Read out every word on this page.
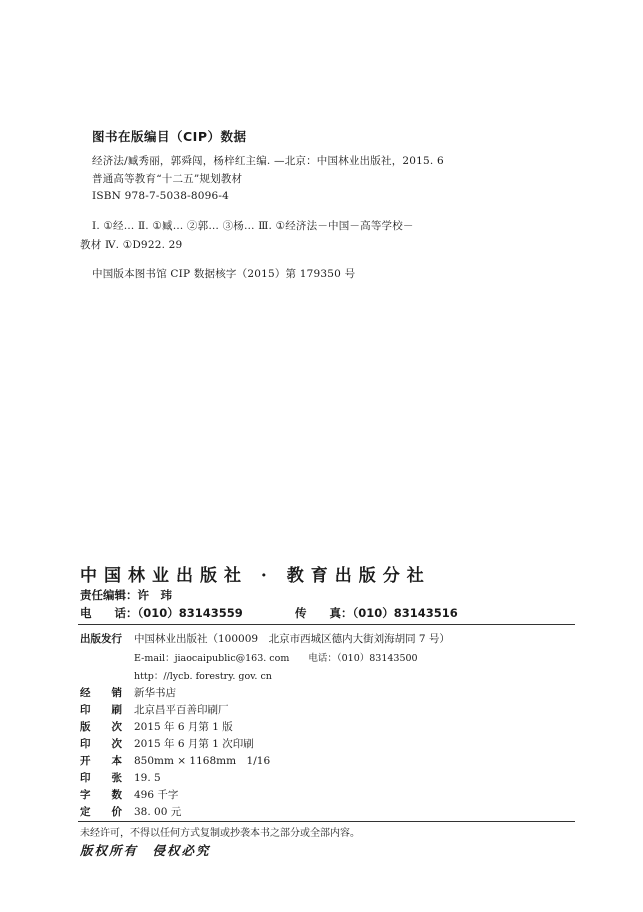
图书在版编目（CIP）数据
经济法/臧秀丽，郭舜闯，杨梓红主编. —北京：中国林业出版社，2015. 6
普通高等教育“十二五”规划教材
ISBN 978-7-5038-8096-4
Ⅰ. ①经… Ⅱ. ①臧… ②郭… ③杨… Ⅲ. ①经济法－中国－高等学校－
教材 Ⅳ. ①D922. 29
中国版本图书馆 CIP 数据核字（2015）第 179350 号
中国林业出版社 · 教育出版分社
责任编辑：许　玮
电　　话：（010）83143559	传　　真：（010）83143516
出版发行 中国林业出版社（100009　北京市西城区德内大街刘海胡同 7 号）
E-mail：jiaocaipublic@163. com　　电话：（010）83143500
http：//lycb. forestry. gov. cn
经　　销 新华书店
印　　刷 北京昌平百善印刷厂
版　　次 2015 年 6 月第 1 版
印　　次 2015 年 6 月第 1 次印刷
开　　本 850mm × 1168mm　1/16
印　　张 19. 5
字　　数 496 千字
定　　价 38. 00 元
未经许可，不得以任何方式复制或抄袭本书之部分或全部内容。
版权所有　侵权必究
